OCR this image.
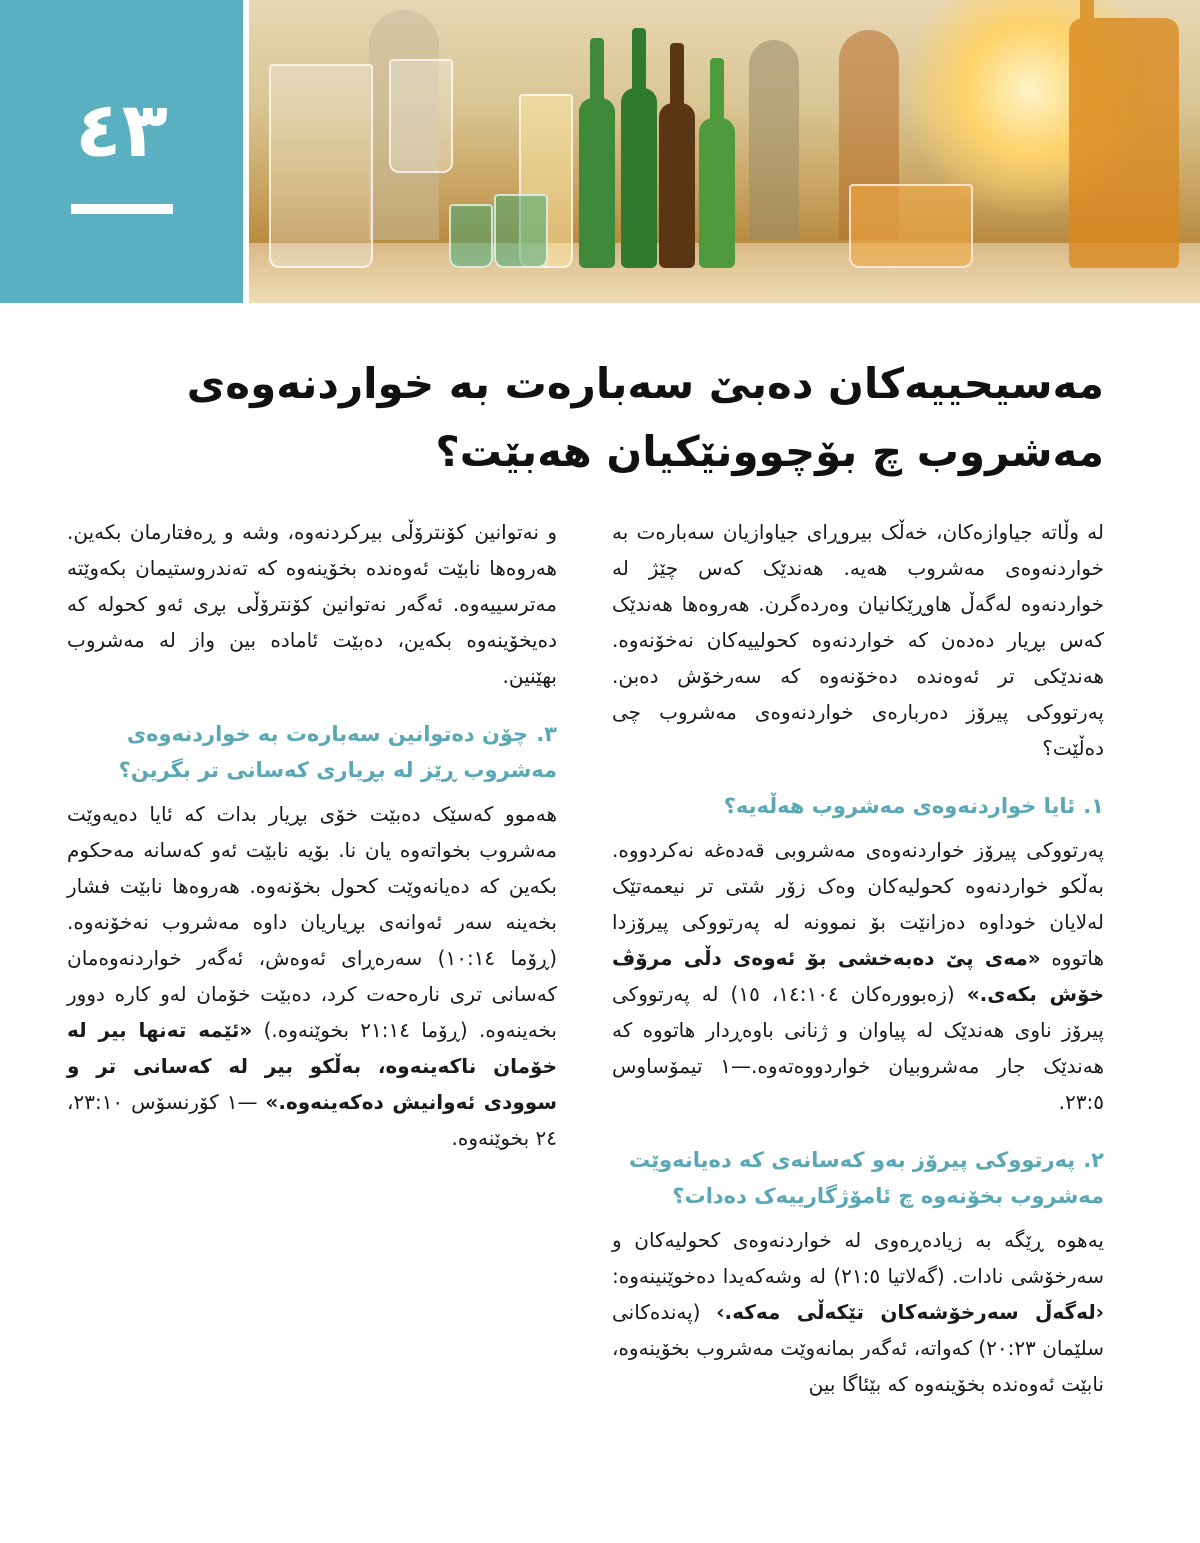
٤٣
مەسیحییەکان دەبێ سەبارەت بە خواردنەوەی مەشروب چ بۆچوونێکیان هەبێت؟

لە وڵاتە جیاوازەکان، خەڵک بیروڕای جیاوازیان سەبارەت بە خواردنەوەی مەشروب هەیە. هەندێک کەس چێژ لە خواردنەوە لەگەڵ هاوڕێکانیان وەردەگرن. هەروەها هەندێک کەس بڕیار دەدەن کە خواردنەوە کحولییەکان نەخۆنەوە. هەندێکی تر ئەوەندە دەخۆنەوە کە سەرخۆش دەبن. پەرتووکی پیرۆز دەربارەی خواردنەوەی مەشروب چی دەڵێت؟

١.ئایا خواردنەوەی مەشروب هەڵەیە؟

پەرتووکی پیرۆز خواردنەوەی مەشروبی قەدەغە نەکردووە. بەڵکو خواردنەوە کحولیەکان وەک زۆر شتی تر نیعمەتێک لەلایان خوداوە دەزانێت بۆ نموونە لە پەرتووکی پیرۆزدا هاتووە «مەی پێ دەبەخشی بۆ ئەوەی دڵی مرۆڤ خۆش بکەی.» (زەبوورەکان ١٤:١٠٤، ١٥) لە پەرتووکی پیرۆز ناوی هەندێک لە پیاوان و ژنانی باوەڕدار هاتووە کە هەندێک جار مەشروبیان خواردووەتەوە.—١ تیمۆساوس ٢٣:٥.

٢.پەرتووکی پیرۆز بەو کەسانەی کە دەیانەوێت مەشروب بخۆنەوە چ ئامۆژگارییەک دەدات؟

یەهوە ڕێگە بە زیادەڕەوی لە خواردنەوەی کحولیەکان و سەرخۆشی نادات. (گەلاتیا ٢١:٥) لە وشەکەیدا دەخوێنینەوە: ‹لەگەڵ سەرخۆشەکان تێکەڵی مەکە.› (پەندەکانی سلێمان ٢٠:٢٣) کەواتە، ئەگەر بمانەوێت مەشروب بخۆینەوە، نابێت ئەوەندە بخۆینەوە کە بێئاگا بین

و نەتوانین کۆنترۆڵی بیرکردنەوە، وشە و ڕەفتارمان بکەین. هەروەها نابێت ئەوەندە بخۆینەوە کە تەندروستیمان بکەوێتە مەترسییەوە. ئەگەر نەتوانین کۆنترۆڵی بڕی ئەو کحولە کە دەیخۆینەوە بکەین، دەبێت ئامادە بین واز لە مەشروب بهێنین.

٣.چۆن دەتوانین سەبارەت بە خواردنەوەی مەشروب ڕێز لە بڕیاری کەسانی تر بگرین؟

هەموو کەسێک دەبێت خۆی بڕیار بدات کە ئایا دەیەوێت مەشروب بخواتەوە یان نا. بۆیە نابێت ئەو کەسانە مەحکوم بکەین کە دەیانەوێت کحول بخۆنەوە. هەروەها نابێت فشار بخەینە سەر ئەوانەی بڕیاریان داوە مەشروب نەخۆنەوە. (ڕۆما ١٠:١٤) سەرەڕای ئەوەش، ئەگەر خواردنەوەمان کەسانی تری نارەحەت کرد، دەبێت خۆمان لەو کارە دوور بخەینەوە. (ڕۆما ٢١:١٤ بخوێنەوە.) «ئێمە تەنها بیر لە خۆمان ناکەینەوە، بەڵکو بیر لە کەسانی تر و سوودی ئەوانیش دەکەینەوە.» —١ کۆرنسۆس ٢٣:١٠، ٢٤ بخوێنەوە.
